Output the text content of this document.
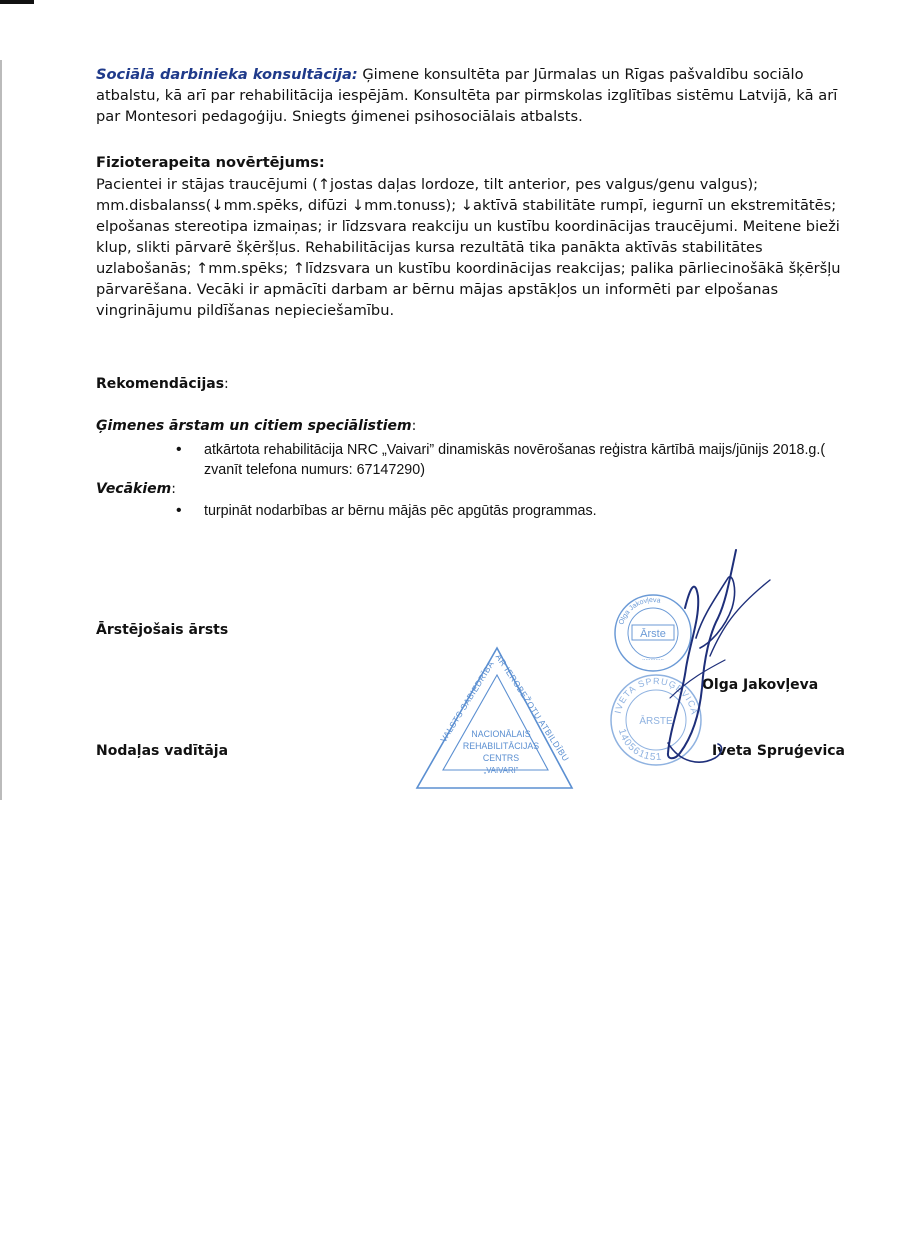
Sociālā darbinieka konsultācija: Ģimene konsultēta par Jūrmalas un Rīgas pašvaldību sociālo atbalstu, kā arī par rehabilitācija iespējām. Konsultēta par pirmskolas izglītības sistēmu Latvijā, kā arī par Montesori pedagoģiju. Sniegts ģimenei psihosociālais atbalsts.

Fizioterapeita novērtējums:

Pacientei ir stājas traucējumi (↑jostas daļas lordoze, tilt anterior, pes valgus/genu valgus); mm.disbalanss(↓mm.spēks, difūzi ↓mm.tonuss); ↓aktīvā stabilitāte rumpī, iegurnī un ekstremitātēs; elpošanas stereotipa izmaiņas; ir līdzsvara reakciju un kustību koordinācijas traucējumi. Meitene bieži klup, slikti pārvarē šķēršļus. Rehabilitācijas kursa rezultātā tika panākta aktīvās stabilitātes uzlabošanās; ↑mm.spēks; ↑līdzsvara un kustību koordinācijas reakcijas; palika pārliecinošākā šķēršļu pārvarēšana. Vecāki ir apmācīti darbam ar bērnu mājas apstākļos un informēti par elpošanas vingrinājumu pildīšanas nepieciešamību.

Rekomendācijas:
Ģimenes ārstam un citiem speciālistiem:
• atkārtota rehabilitācija NRC „Vaivari” dinamiskās novērošanas reģistra kārtībā maijs/jūnijs 2018.g.( zvanīt telefona numurs: 67147290)
Vecākiem:
• turpināt nodarbības ar bērnu mājās pēc apgūtās programmas.
Ārstējošais ārsts
Nodaļas vadītāja
Olga Jakovļeva
Iveta Spruģevica
VALSTS SABIEDRĪBA AR IEROBEŽOTU ATBILDĪBU
NACIONĀLAIS
REHABILITĀCIJAS
CENTRS
„VAIVARI”
Olga Jakovļeva
Ārste
.............
IVETA SPRUĢEVICA
ĀRSTE
140561151
